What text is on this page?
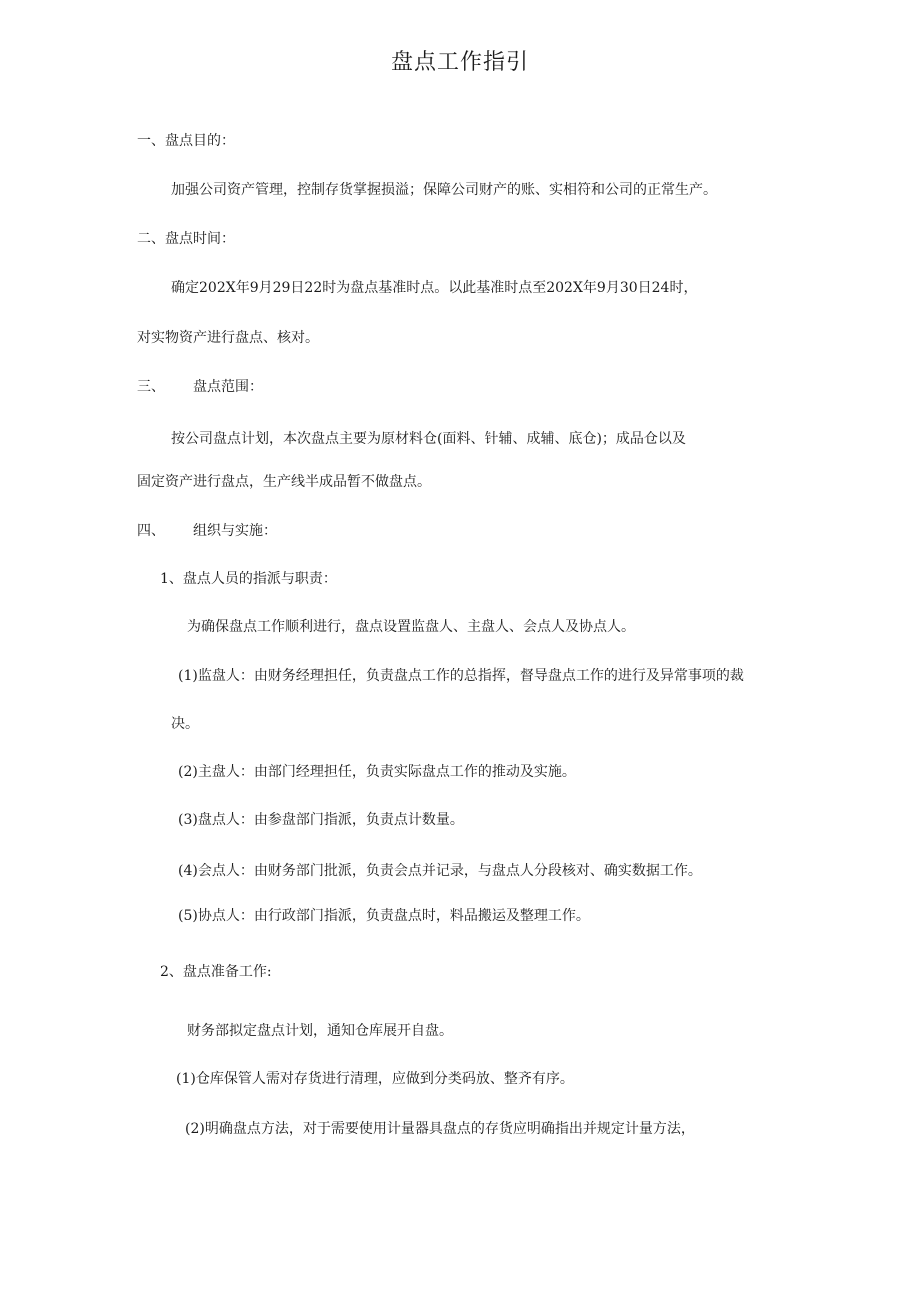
盘点工作指引
一、盘点目的：
加强公司资产管理，控制存货掌握损溢；保障公司财产的账、实相符和公司的正常生产。
二、盘点时间：
确定202X年9月29日22时为盘点基准时点。以此基准时点至202X年9月30日24时，
对实物资产进行盘点、核对。
三、 盘点范围：
按公司盘点计划，本次盘点主要为原材料仓(面料、针辅、成辅、底仓)；成品仓以及
固定资产进行盘点，生产线半成品暂不做盘点。
四、 组织与实施：
1、盘点人员的指派与职责：
为确保盘点工作顺利进行，盘点设置监盘人、主盘人、会点人及协点人。
(1)监盘人：由财务经理担任，负责盘点工作的总指挥，督导盘点工作的进行及异常事项的裁
决。
(2)主盘人：由部门经理担任，负责实际盘点工作的推动及实施。
(3)盘点人：由参盘部门指派，负责点计数量。
(4)会点人：由财务部门批派，负责会点并记录，与盘点人分段核对、确实数据工作。
(5)协点人：由行政部门指派，负责盘点时，料品搬运及整理工作。
2、盘点准备工作:
财务部拟定盘点计划，通知仓库展开自盘。
(1)仓库保管人需对存货进行清理，应做到分类码放、整齐有序。
(2)明确盘点方法，对于需要使用计量器具盘点的存货应明确指出并规定计量方法，
